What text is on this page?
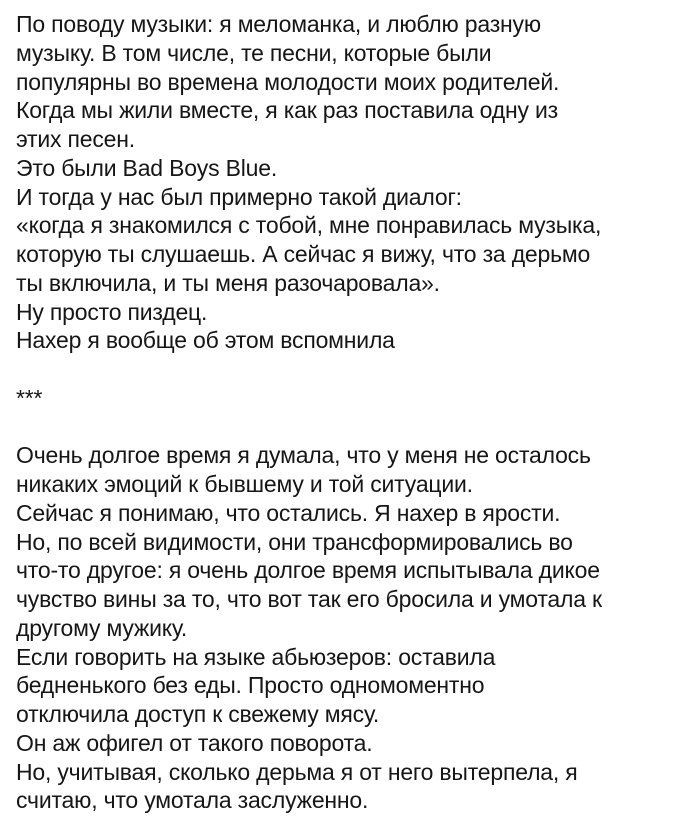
По поводу музыки: я меломанка, и люблю разную
музыку. В том числе, те песни, которые были
популярны во времена молодости моих родителей.
Когда мы жили вместе, я как раз поставила одну из
этих песен.
Это были Bad Boys Blue.
И тогда у нас был примерно такой диалог:
«когда я знакомился с тобой, мне понравилась музыка,
которую ты слушаешь. А сейчас я вижу, что за дерьмо
ты включила, и ты меня разочаровала».
Ну просто пиздец.
Нахер я вообще об этом вспомнила
***
Очень долгое время я думала, что у меня не осталось
никаких эмоций к бывшему и той ситуации.
Сейчас я понимаю, что остались. Я нахер в ярости.
Но, по всей видимости, они трансформировались во
что-то другое: я очень долгое время испытывала дикое
чувство вины за то, что вот так его бросила и умотала к
другому мужику.
Если говорить на языке абьюзеров: оставила
бедненького без еды. Просто одномоментно
отключила доступ к свежему мясу.
Он аж офигел от такого поворота.
Но, учитывая, сколько дерьма я от него вытерпела, я
считаю, что умотала заслуженно.
